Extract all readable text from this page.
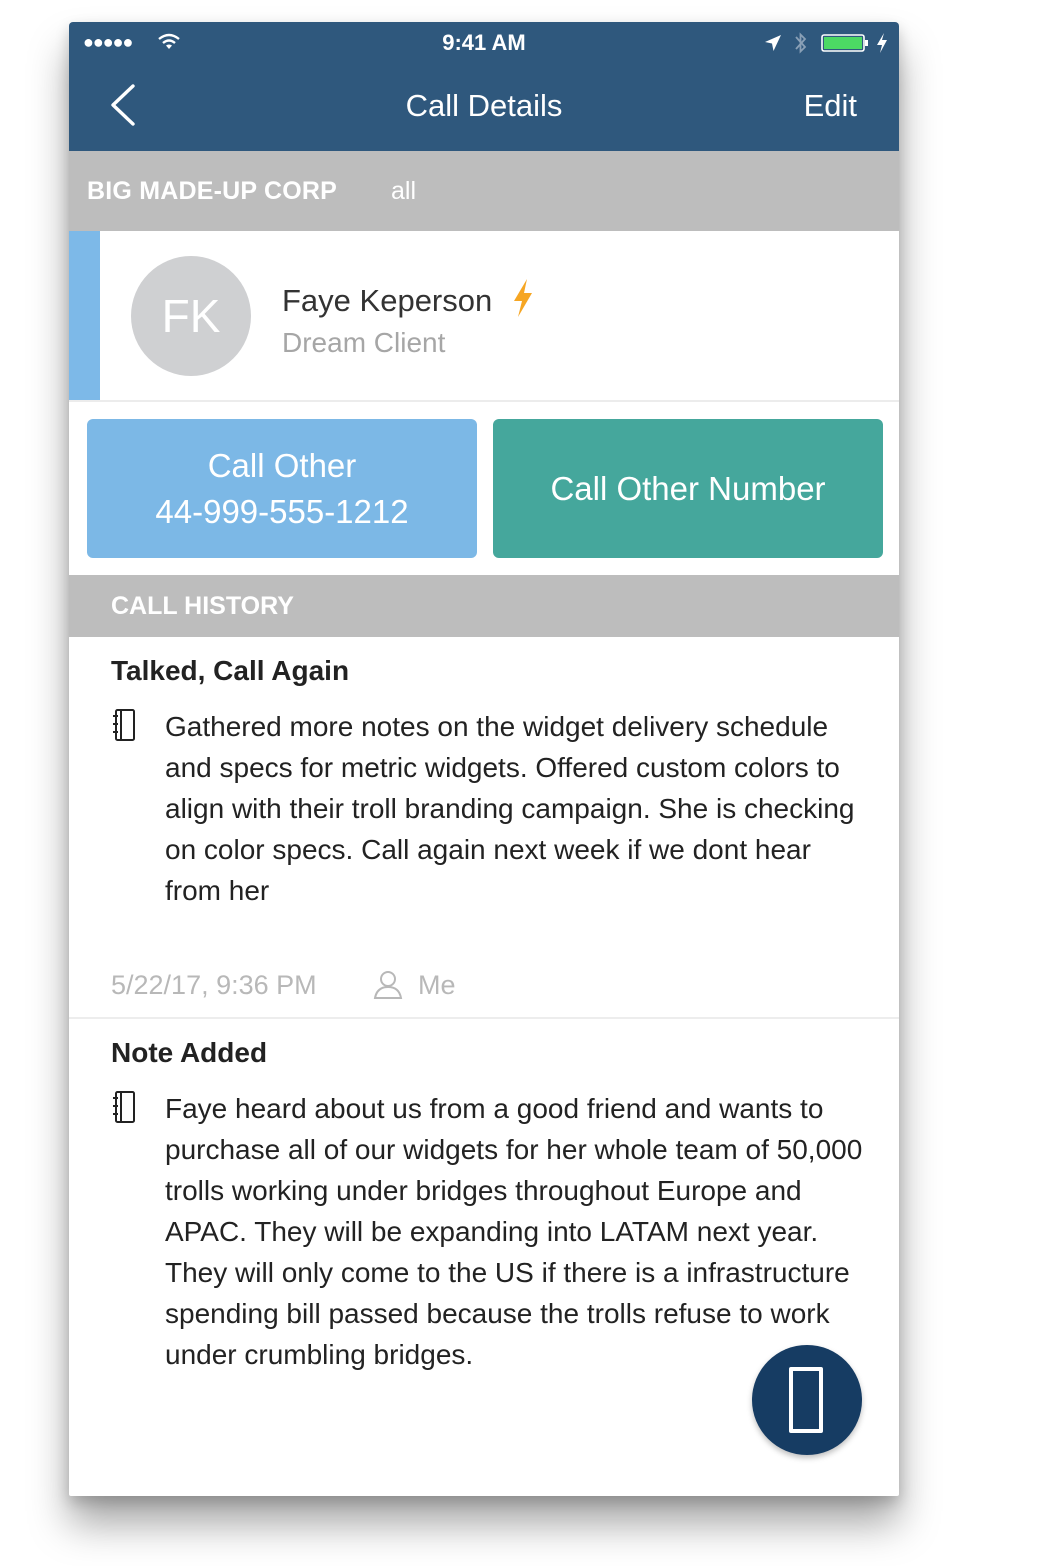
●●●●●	9:41 AM
Call Details	Edit
BIG MADE-UP CORP all
FK	Faye Keperson
Dream Client
Call Other
44-999-555-1212
Call Other Number
CALL HISTORY
Talked, Call Again
Gathered more notes on the widget delivery schedule and specs for metric widgets. Offered custom colors to align with their troll branding campaign. She is checking on color specs. Call again next week if we dont hear from her
5/22/17, 9:36 PM	Me
Note Added
Faye heard about us from a good friend and wants to purchase all of our widgets for her whole team of 50,000 trolls working under bridges throughout Europe and APAC. They will be expanding into LATAM next year. They will only come to the US if there is a infrastructure spending bill passed because the trolls refuse to work under crumbling bridges.
